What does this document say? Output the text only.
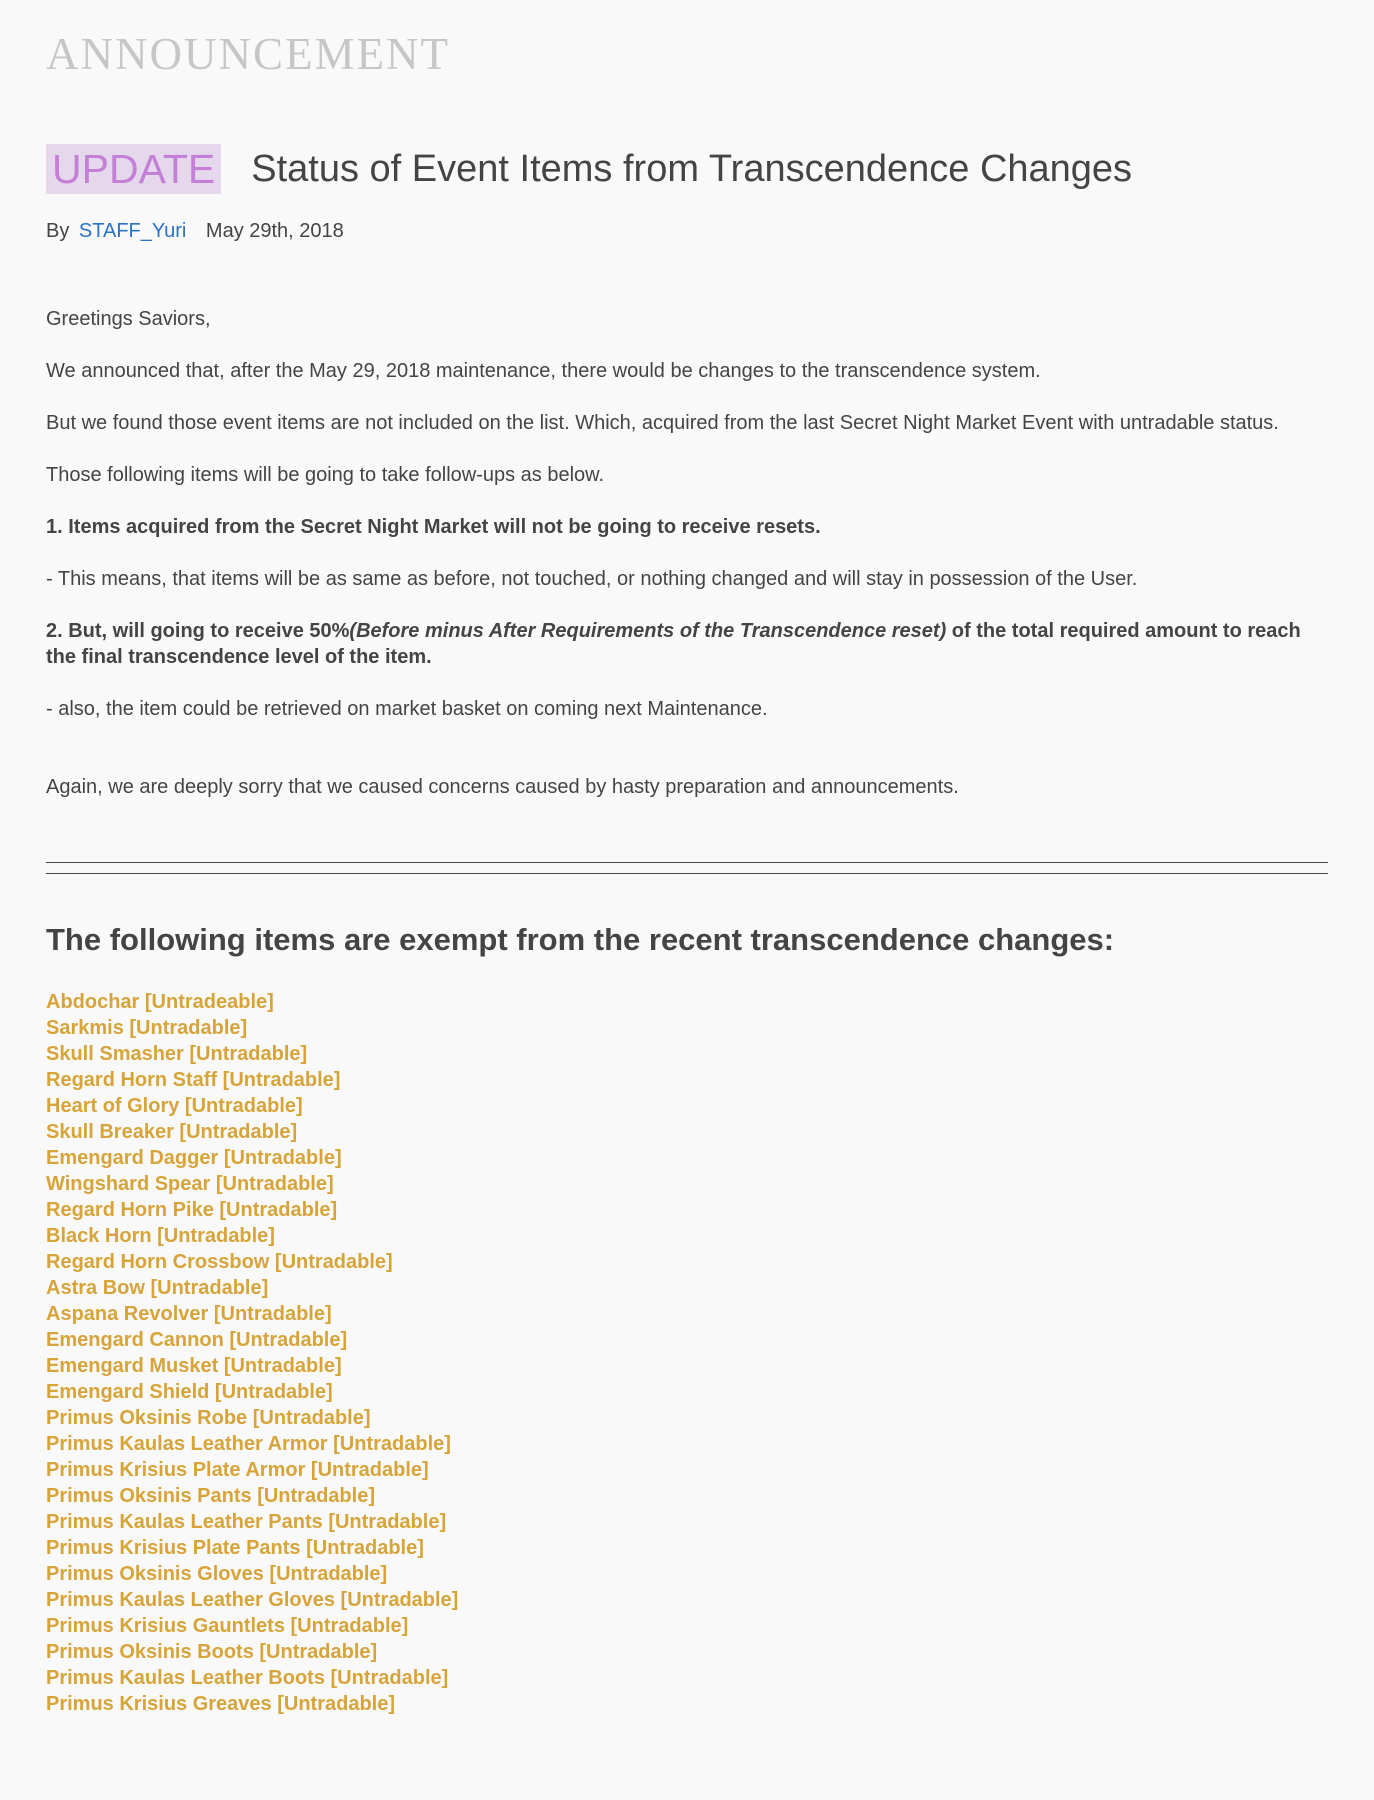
ANNOUNCEMENT
UPDATE Status of Event Items from Transcendence Changes
By STAFF_Yuri May 29th, 2018

Greetings Saviors,

We announced that, after the May 29, 2018 maintenance, there would be changes to the transcendence system.

But we found those event items are not included on the list. Which, acquired from the last Secret Night Market Event with untradable status.

Those following items will be going to take follow-ups as below.

1. Items acquired from the Secret Night Market will not be going to receive resets.

- This means, that items will be as same as before, not touched, or nothing changed and will stay in possession of the User.

2. But, will going to receive 50%(Before minus After Requirements of the Transcendence reset) of the total required amount to reach the final transcendence level of the item.

- also, the item could be retrieved on market basket on coming next Maintenance.

Again, we are deeply sorry that we caused concerns caused by hasty preparation and announcements.

The following items are exempt from the recent transcendence changes:
Abdochar [Untradeable]
Sarkmis [Untradable]
Skull Smasher [Untradable]
Regard Horn Staff [Untradable]
Heart of Glory [Untradable]
Skull Breaker [Untradable]
Emengard Dagger [Untradable]
Wingshard Spear [Untradable]
Regard Horn Pike [Untradable]
Black Horn [Untradable]
Regard Horn Crossbow [Untradable]
Astra Bow [Untradable]
Aspana Revolver [Untradable]
Emengard Cannon [Untradable]
Emengard Musket [Untradable]
Emengard Shield [Untradable]
Primus Oksinis Robe [Untradable]
Primus Kaulas Leather Armor [Untradable]
Primus Krisius Plate Armor [Untradable]
Primus Oksinis Pants [Untradable]
Primus Kaulas Leather Pants [Untradable]
Primus Krisius Plate Pants [Untradable]
Primus Oksinis Gloves [Untradable]
Primus Kaulas Leather Gloves [Untradable]
Primus Krisius Gauntlets [Untradable]
Primus Oksinis Boots [Untradable]
Primus Kaulas Leather Boots [Untradable]
Primus Krisius Greaves [Untradable]
